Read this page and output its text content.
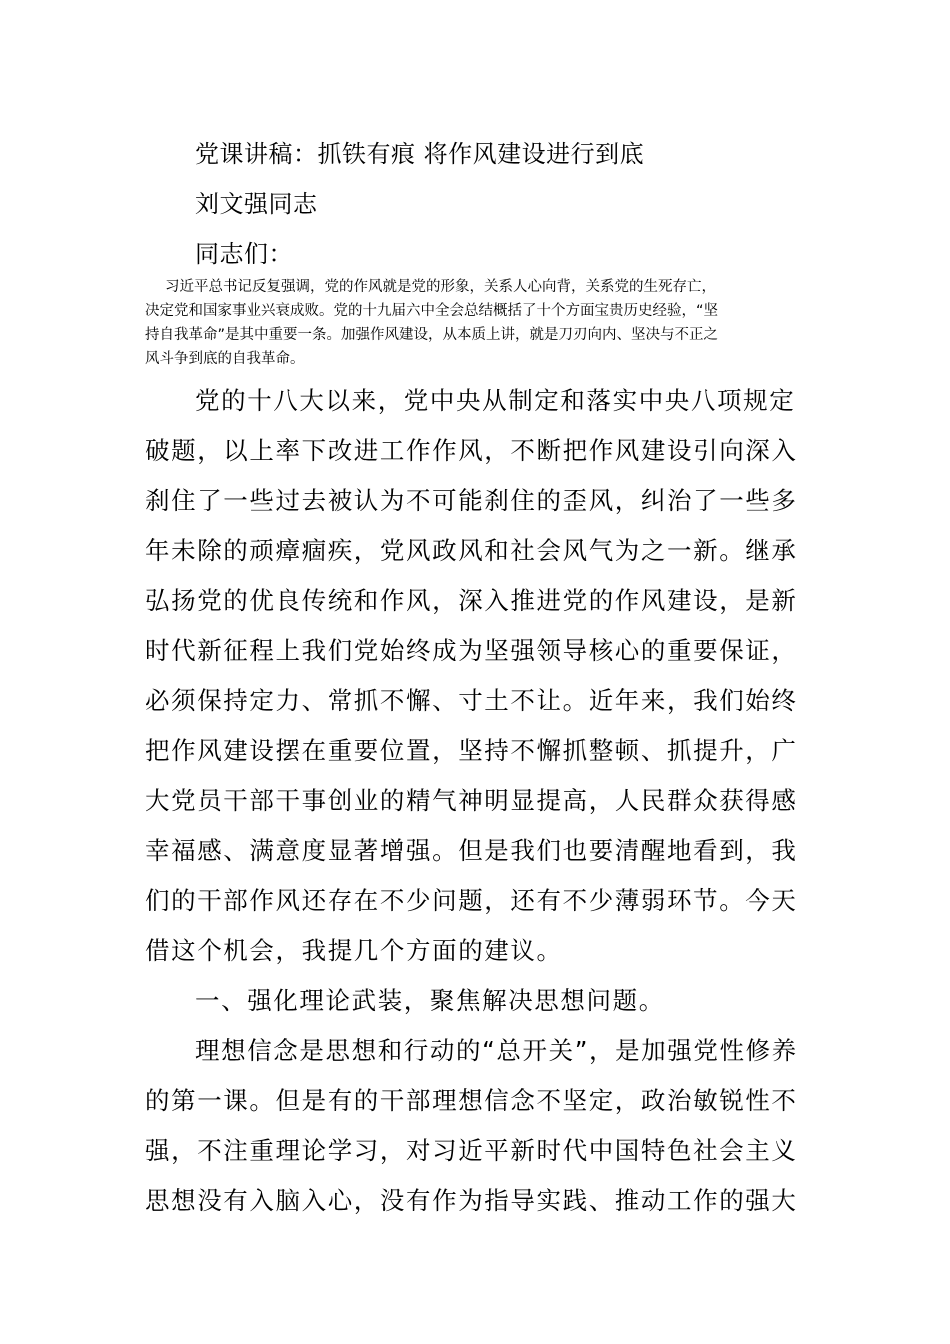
党课讲稿：抓铁有痕 将作风建设进行到底

刘文强同志

同志们：

习近平总书记反复强调，党的作风就是党的形象，关系人心向背，关系党的生死存亡，

决定党和国家事业兴衰成败。党的十九届六中全会总结概括了十个方面宝贵历史经验，“坚

持自我革命”是其中重要一条。加强作风建设，从本质上讲，就是刀刃向内、坚决与不正之

风斗争到底的自我革命。

党的十八大以来，党中央从制定和落实中央八项规定

破题，以上率下改进工作作风，不断把作风建设引向深入

刹住了一些过去被认为不可能刹住的歪风，纠治了一些多

年未除的顽瘴痼疾，党风政风和社会风气为之一新。继承

弘扬党的优良传统和作风，深入推进党的作风建设，是新

时代新征程上我们党始终成为坚强领导核心的重要保证，

必须保持定力、常抓不懈、寸土不让。近年来，我们始终

把作风建设摆在重要位置，坚持不懈抓整顿、抓提升，广

大党员干部干事创业的精气神明显提高，人民群众获得感

幸福感、满意度显著增强。但是我们也要清醒地看到，我

们的干部作风还存在不少问题，还有不少薄弱环节。今天

借这个机会，我提几个方面的建议。

一、强化理论武装，聚焦解决思想问题。

理想信念是思想和行动的“总开关”，是加强党性修养

的第一课。但是有的干部理想信念不坚定，政治敏锐性不

强，不注重理论学习，对习近平新时代中国特色社会主义

思想没有入脑入心，没有作为指导实践、推动工作的强大
